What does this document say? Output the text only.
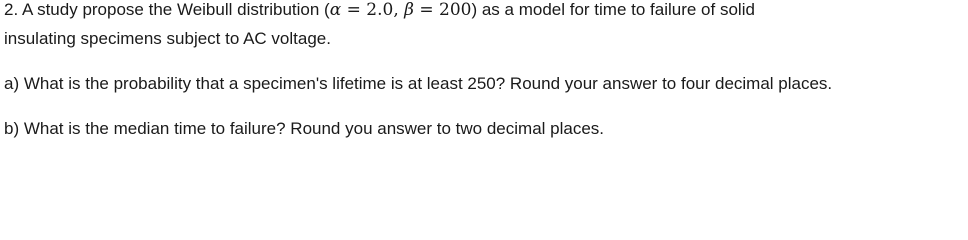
2. A study propose the Weibull distribution (α = 2.0, β = 200) as a model for time to failure of solid
insulating specimens subject to AC voltage.
a) What is the probability that a specimen's lifetime is at least 250? Round your answer to four decimal places.
b) What is the median time to failure? Round you answer to two decimal places.
